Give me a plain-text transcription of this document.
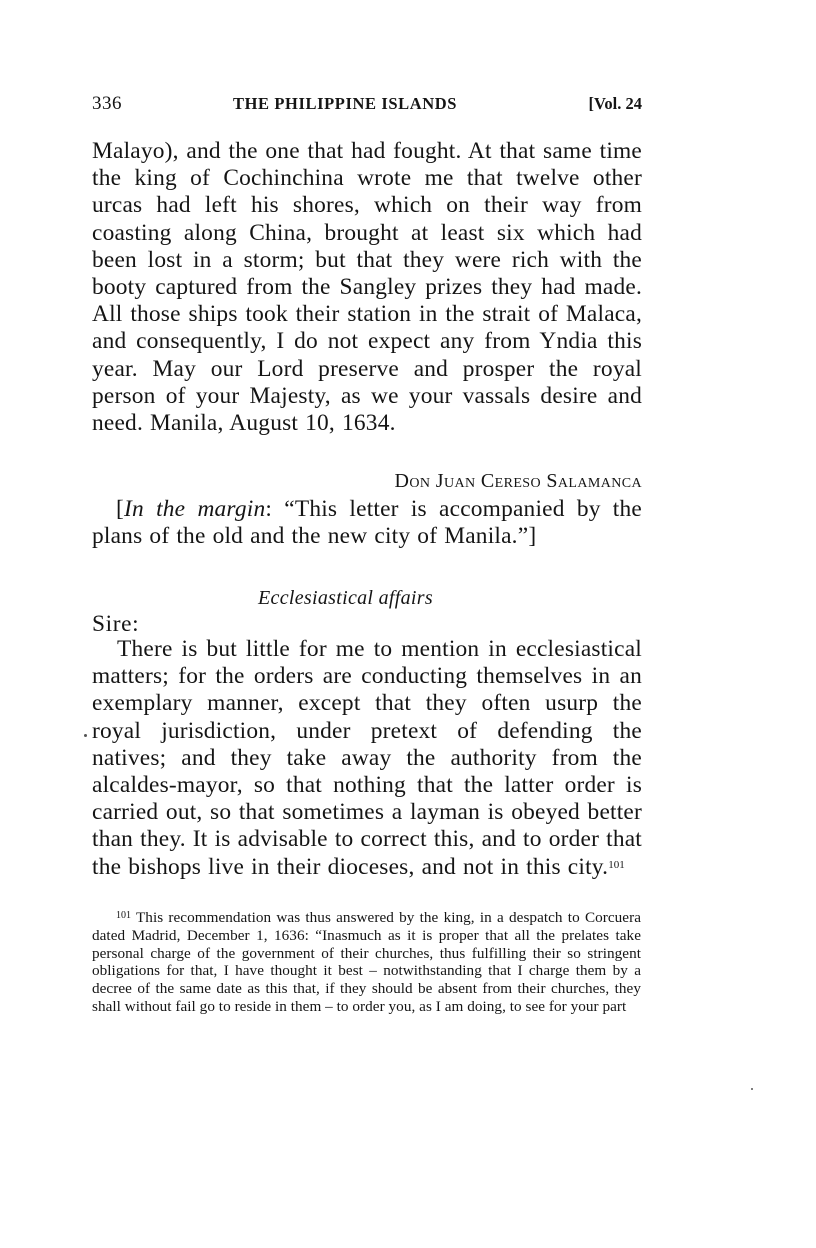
336	THE PHILIPPINE ISLANDS	[Vol. 24
Malayo), and the one that had fought. At that same time the king of Cochinchina wrote me that twelve other urcas had left his shores, which on their way from coasting along China, brought at least six which had been lost in a storm; but that they were rich with the booty captured from the Sangley prizes they had made. All those ships took their station in the strait of Malaca, and consequently, I do not expect any from Yndia this year. May our Lord preserve and prosper the royal person of your Majesty, as we your vassals desire and need. Manila, August 10, 1634.
Don Juan Cereso Salamanca
[In the margin: “This letter is accompanied by the plans of the old and the new city of Manila.”]
Ecclesiastical affairs
Sire:
There is but little for me to mention in ecclesiastical matters; for the orders are conducting themselves in an exemplary manner, except that they often usurp the royal jurisdiction, under pretext of defending the natives; and they take away the authority from the alcaldes-mayor, so that nothing that the latter order is carried out, so that sometimes a layman is obeyed better than they. It is advisable to correct this, and to order that the bishops live in their dioceses, and not in this city.$^{101}$
$^{101}$ This recommendation was thus answered by the king, in a despatch to Corcuera dated Madrid, December 1, 1636: “Inasmuch as it is proper that all the prelates take personal charge of the government of their churches, thus fulfilling their so stringent obligations for that, I have thought it best – notwithstanding that I charge them by a decree of the same date as this that, if they should be absent from their churches, they shall without fail go to reside in them – to order you, as I am doing, to see for your part
